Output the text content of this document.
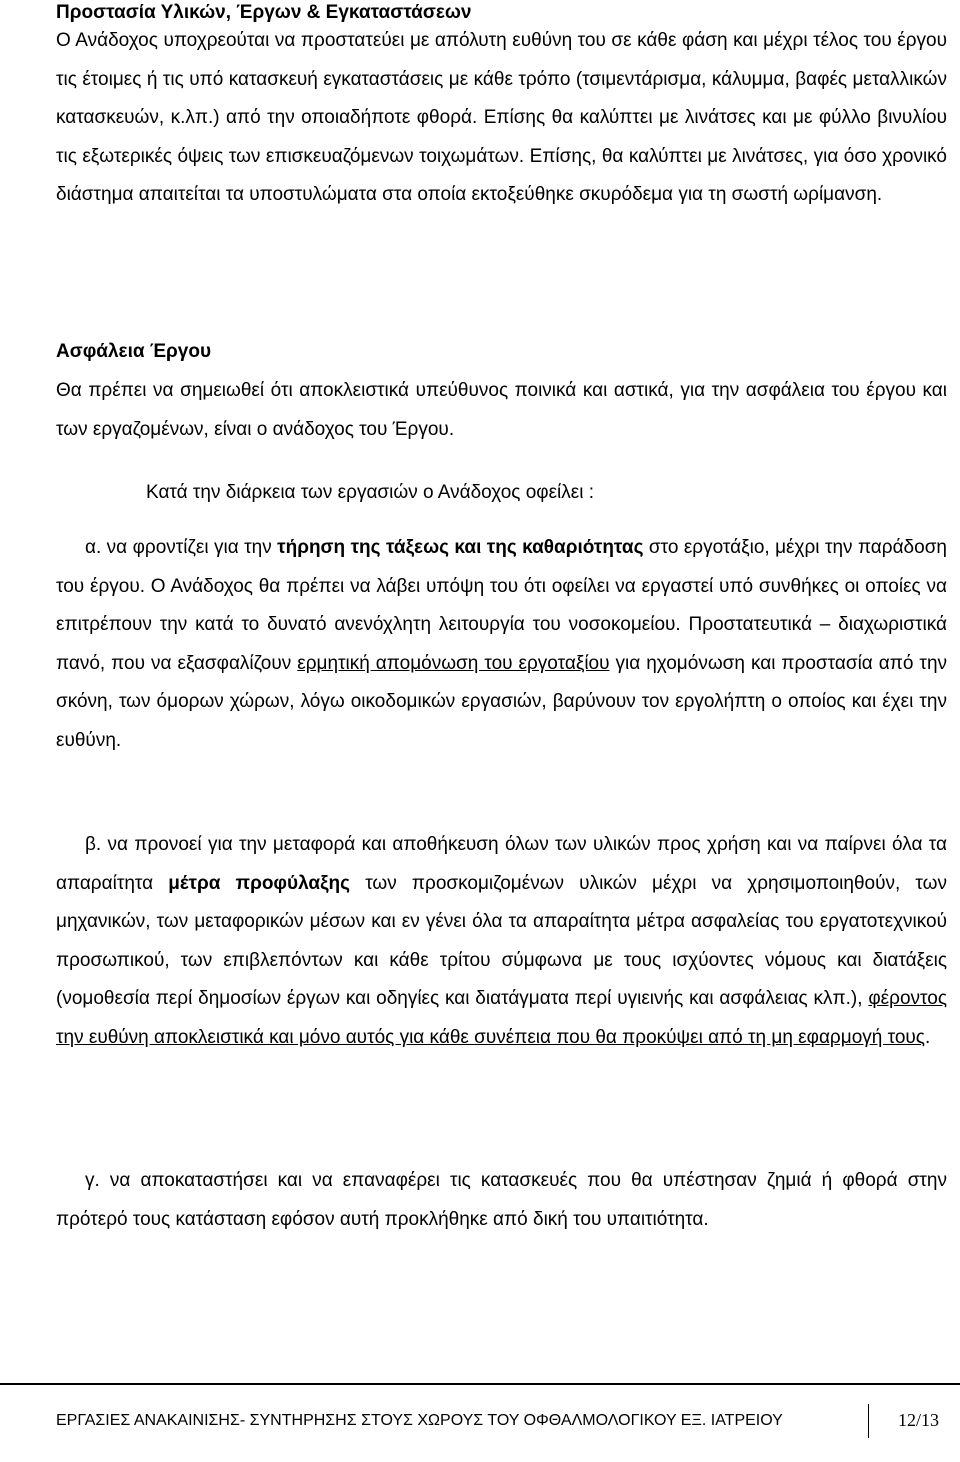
Προστασία Υλικών, Έργων & Εγκαταστάσεων

Ο Ανάδοχος υποχρεούται να προστατεύει με απόλυτη ευθύνη του σε κάθε φάση και μέχρι τέλος του έργου τις έτοιμες ή τις υπό κατασκευή εγκαταστάσεις με κάθε τρόπο (τσιμεντάρισμα, κάλυμμα, βαφές μεταλλικών κατασκευών, κ.λπ.) από την οποιαδήποτε φθορά. Επίσης θα καλύπτει με λινάτσες και με φύλλο βινυλίου τις εξωτερικές όψεις των επισκευαζόμενων τοιχωμάτων. Επίσης, θα καλύπτει με λινάτσες, για όσο χρονικό διάστημα απαιτείται τα υποστυλώματα στα οποία εκτοξεύθηκε σκυρόδεμα για τη σωστή ωρίμανση.

Ασφάλεια Έργου

Θα πρέπει να σημειωθεί ότι αποκλειστικά υπεύθυνος ποινικά και αστικά, για την ασφάλεια του έργου και των εργαζομένων, είναι ο ανάδοχος του Έργου.

Κατά την διάρκεια των εργασιών ο Ανάδοχος οφείλει :

α. να φροντίζει για την τήρηση της τάξεως και της καθαριότητας στο εργοτάξιο, μέχρι την παράδοση του έργου. Ο Ανάδοχος θα πρέπει να λάβει υπόψη του ότι οφείλει να εργαστεί υπό συνθήκες οι οποίες να επιτρέπουν την κατά το δυνατό ανενόχλητη λειτουργία του νοσοκομείου. Προστατευτικά – διαχωριστικά πανό, που να εξασφαλίζουν ερμητική απομόνωση του εργοταξίου για ηχομόνωση και προστασία από την σκόνη, των όμορων χώρων, λόγω οικοδομικών εργασιών, βαρύνουν τον εργολήπτη ο οποίος και έχει την ευθύνη.

β. να προνοεί για την μεταφορά και αποθήκευση όλων των υλικών προς χρήση και να παίρνει όλα τα απαραίτητα μέτρα προφύλαξης των προσκομιζομένων υλικών μέχρι να χρησιμοποιηθούν, των μηχανικών, των μεταφορικών μέσων και εν γένει όλα τα απαραίτητα μέτρα ασφαλείας του εργατοτεχνικού προσωπικού, των επιβλεπόντων και κάθε τρίτου σύμφωνα με τους ισχύοντες νόμους και διατάξεις (νομοθεσία περί δημοσίων έργων και οδηγίες και διατάγματα περί υγιεινής και ασφάλειας κλπ.), φέροντος την ευθύνη αποκλειστικά και μόνο αυτός για κάθε συνέπεια που θα προκύψει από τη μη εφαρμογή τους.

γ. να αποκαταστήσει και να επαναφέρει τις κατασκευές που θα υπέστησαν ζημιά ή φθορά στην πρότερό τους κατάσταση εφόσον αυτή προκλήθηκε από δική του υπαιτιότητα.

ΕΡΓΑΣΙΕΣ ΑΝΑΚΑΙΝΙΣΗΣ- ΣΥΝΤΗΡΗΣΗΣ ΣΤΟΥΣ ΧΩΡΟΥΣ ΤΟΥ ΟΦΘΑΛΜΟΛΟΓΙΚΟΥ ΕΞ. ΙΑΤΡΕΙΟΥ	12/13
